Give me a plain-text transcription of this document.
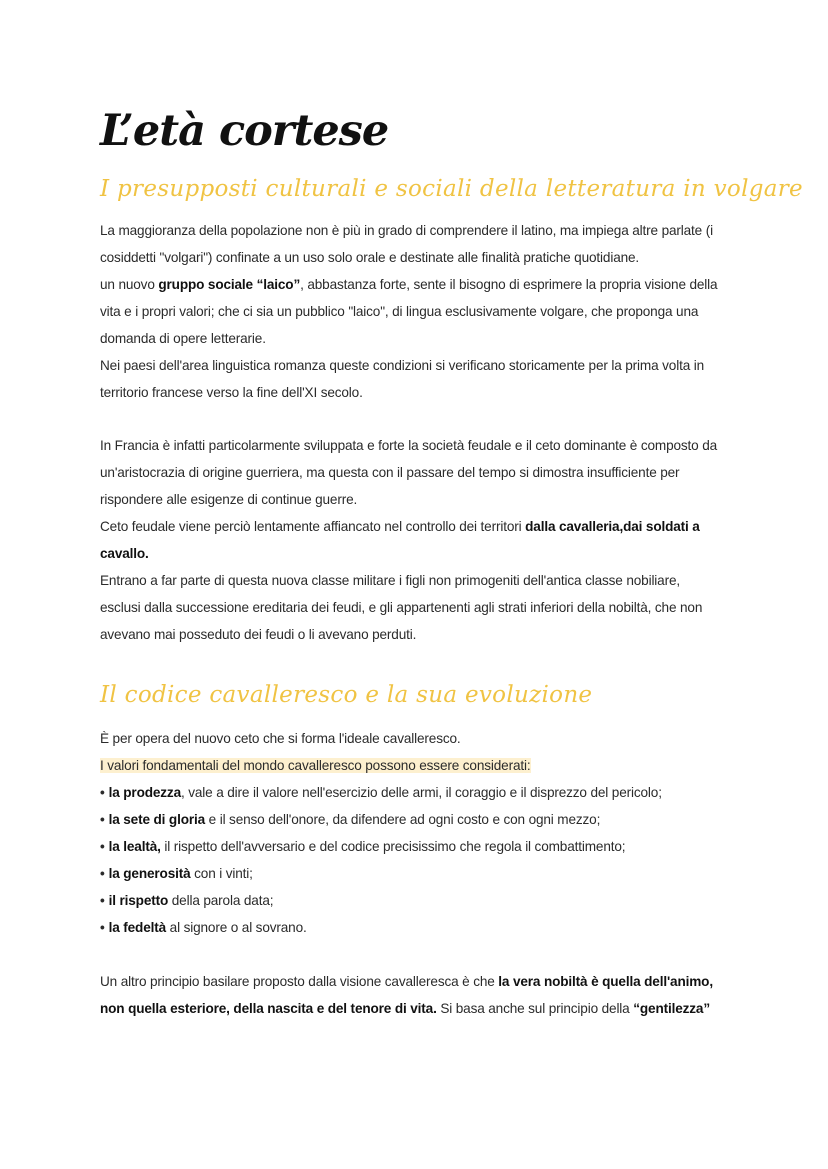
L’età cortese
I presupposti culturali e sociali della letteratura in volgare

La maggioranza della popolazione non è più in grado di comprendere il latino, ma impiega altre parlate (i cosiddetti "volgari") confinate a un uso solo orale e destinate alle finalità pratiche quotidiane.
un nuovo gruppo sociale “laico”, abbastanza forte, sente il bisogno di esprimere la propria visione della vita e i propri valori; che ci sia un pubblico "laico", di lingua esclusivamente volgare, che proponga una domanda di opere letterarie.
Nei paesi dell'area linguistica romanza queste condizioni si verificano storicamente per la prima volta in territorio francese verso la fine dell'XI secolo.

In Francia è infatti particolarmente sviluppata e forte la società feudale e il ceto dominante è composto da un'aristocrazia di origine guerriera, ma questa con il passare del tempo si dimostra insufficiente per rispondere alle esigenze di continue guerre.
Ceto feudale viene perciò lentamente affiancato nel controllo dei territori dalla cavalleria,dai soldati a cavallo.
Entrano a far parte di questa nuova classe militare i figli non primogeniti dell'antica classe nobiliare, esclusi dalla successione ereditaria dei feudi, e gli appartenenti agli strati inferiori della nobiltà, che non avevano mai posseduto dei feudi o li avevano perduti.

Il codice cavalleresco e la sua evoluzione
È per opera del nuovo ceto che si forma l'ideale cavalleresco.
I valori fondamentali del mondo cavalleresco possono essere considerati:
• la prodezza, vale a dire il valore nell'esercizio delle armi, il coraggio e il disprezzo del pericolo;
• la sete di gloria e il senso dell'onore, da difendere ad ogni costo e con ogni mezzo;
• la lealtà, il rispetto dell'avversario e del codice precisissimo che regola il combattimento;
• la generosità con i vinti;
• il rispetto della parola data;
• la fedeltà al signore o al sovrano.

Un altro principio basilare proposto dalla visione cavalleresca è che la vera nobiltà è quella dell'animo, non quella esteriore, della nascita e del tenore di vita. Si basa anche sul principio della “gentilezza”
